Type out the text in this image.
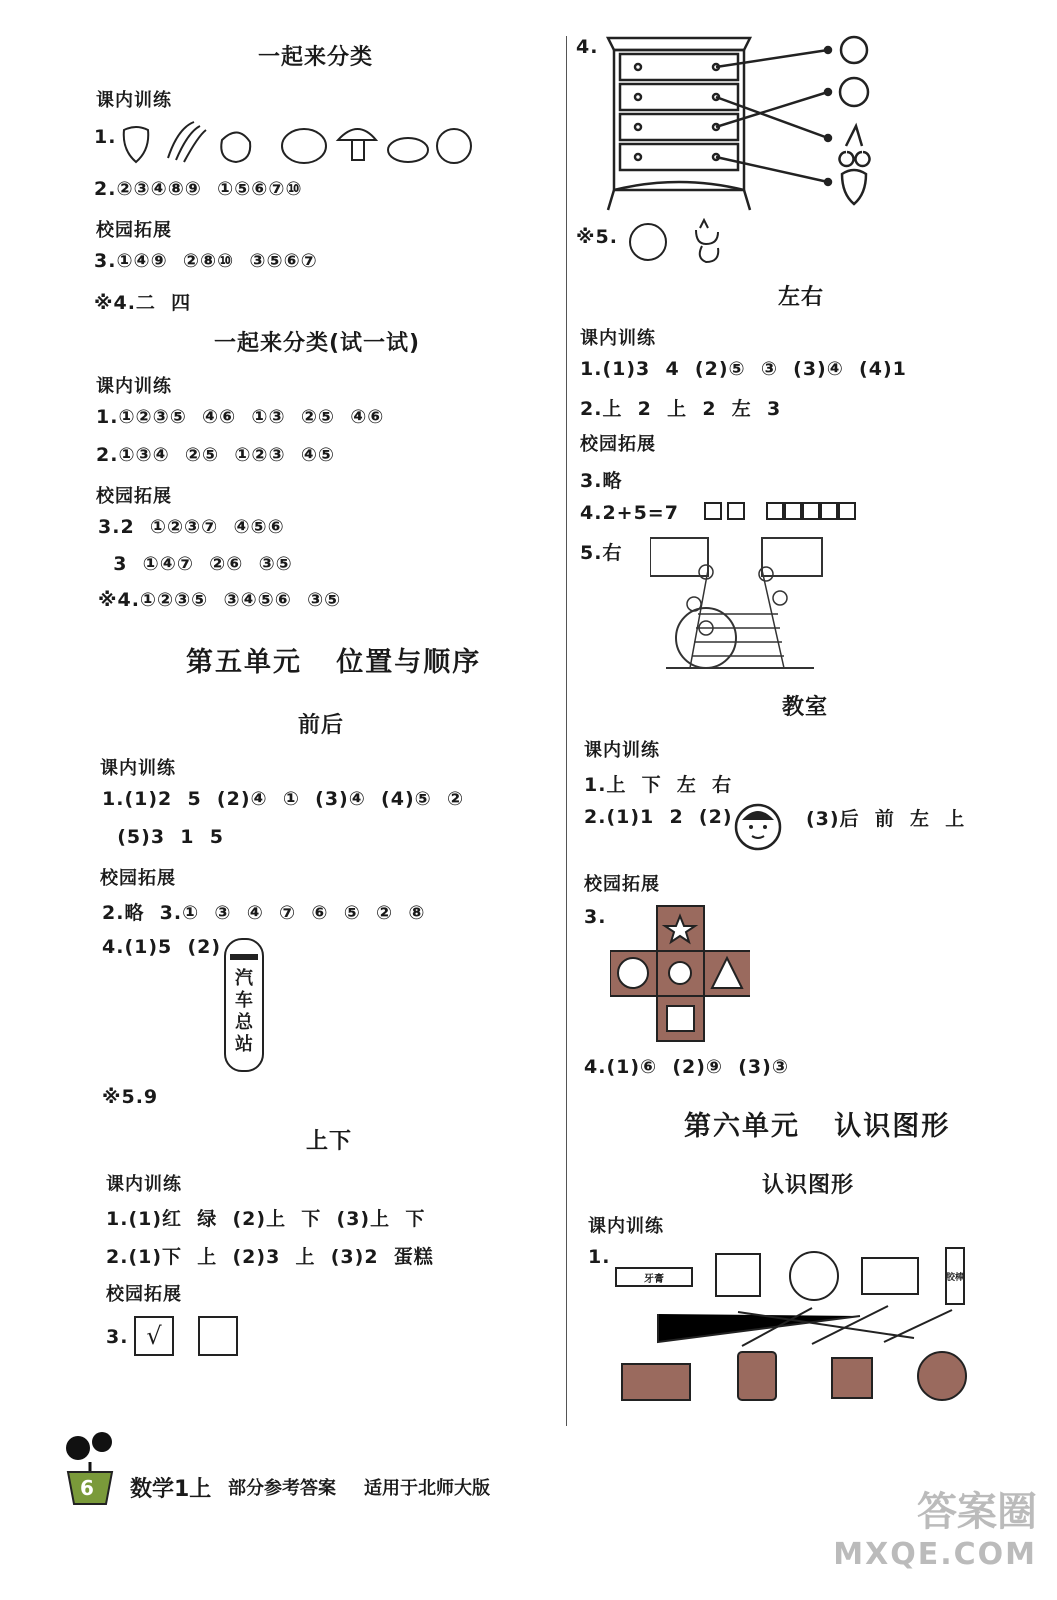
一起来分类
课内训练
1.
2.②③④⑧⑨  ①⑤⑥⑦⑩
校园拓展
3.①④⑨  ②⑧⑩  ③⑤⑥⑦
※4.二  四
一起来分类(试一试)
课内训练
1.①②③⑤  ④⑥  ①③  ②⑤  ④⑥
2.①③④  ②⑤  ①②③  ④⑤
校园拓展
3.2  ①②③⑦  ④⑤⑥
3  ①④⑦  ②⑥  ③⑤
※4.①②③⑤  ③④⑤⑥  ③⑤
第五单元   位置与顺序
前后
课内训练
1.(1)2  5  (2)④  ①  (3)④  (4)⑤  ②
(5)3  1  5
校园拓展
2.略  3.①  ③  ④  ⑦  ⑥  ⑤  ②  ⑧
4.(1)5  (2)
汽车总站
※5.9
上下
课内训练
1.(1)红  绿  (2)上  下  (3)上  下
2.(1)下  上  (2)3  上  (3)2  蛋糕
校园拓展
3. √
4.
※5.
左右
课内训练
1.(1)3  4  (2)⑤  ③  (3)④  (4)1
2.上  2  上  2  左  3
校园拓展
3.略
4.2+5=7

5.右
教室
课内训练
1.上  下  左  右
2.(1)1  2  (2)	(3)后  前  左  上
校园拓展
3.
4.(1)⑥  (2)⑨  (3)③
第六单元   认识图形
认识图形
课内训练
1.
牙膏	胶棒
6 数学1上 部分参考答案 适用于北师大版
答案圈
MXQE.COM
